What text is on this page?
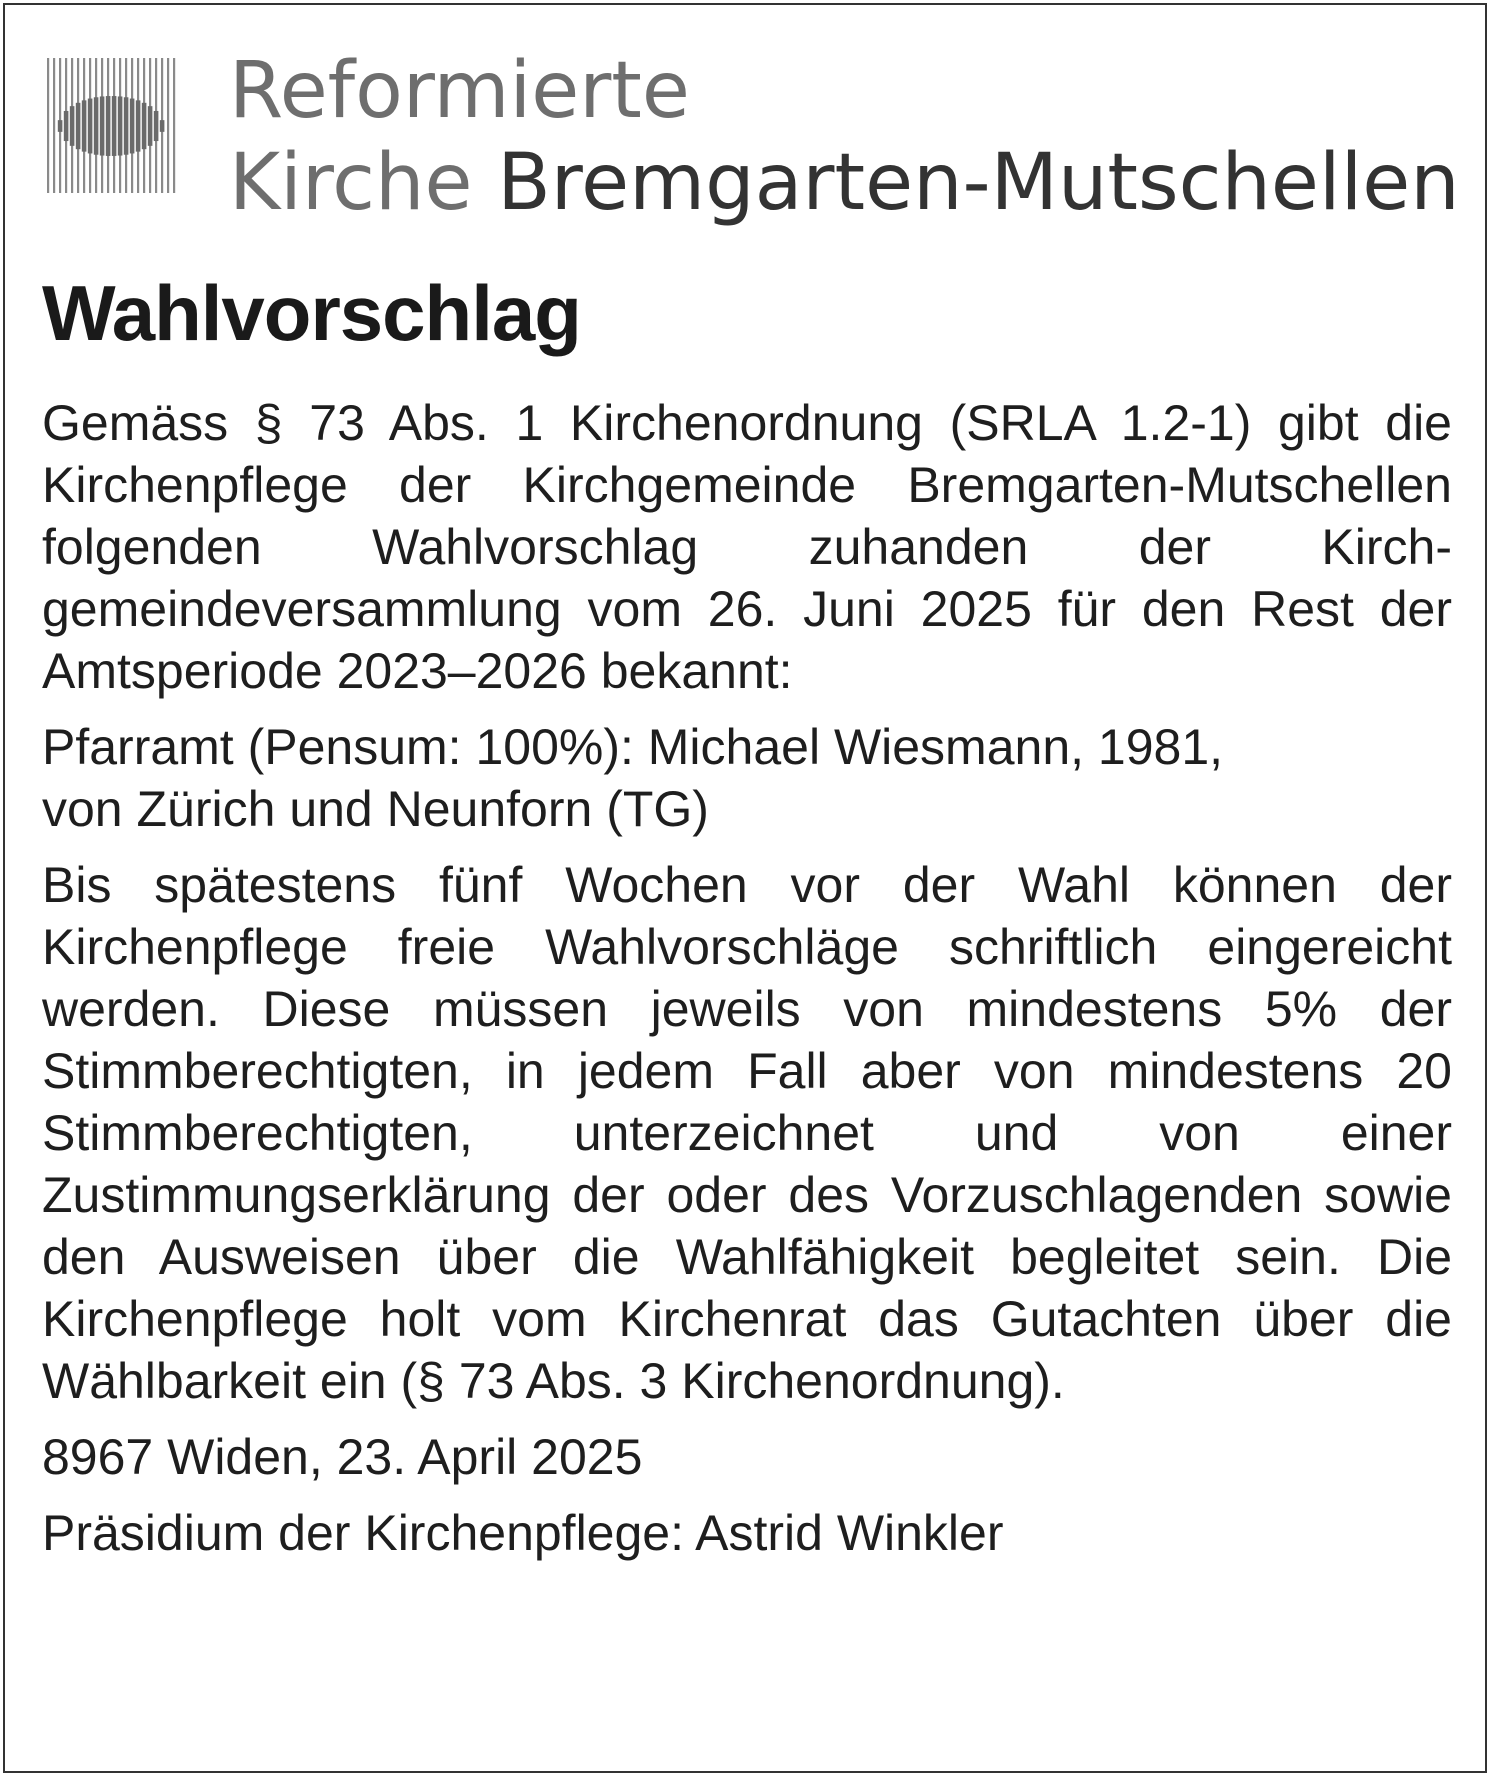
Reformierte
Kirche Bremgarten-Mutschellen
Wahlvorschlag

Gemäss § 73 Abs. 1 Kirchenordnung (SRLA 1.2-1) gibt die Kirchenpflege der Kirchgemeinde Bremgarten-Mutschellen folgenden Wahlvorschlag zuhanden der Kirchgemeindeversammlung vom 26. Juni 2025 für den Rest der Amtsperiode 2023–2026 bekannt:

Pfarramt (Pensum: 100%): Michael Wiesmann, 1981,
von Zürich und Neunforn (TG)

Bis spätestens fünf Wochen vor der Wahl können der Kirchenpflege freie Wahlvorschläge schriftlich eingereicht werden. Diese müssen jeweils von mindestens 5% der Stimmberechtigten, in jedem Fall aber von mindestens 20 Stimmberechtigten, unterzeichnet und von einer Zustimmungserklärung der oder des Vorzuschlagenden sowie den Ausweisen über die Wahlfähigkeit begleitet sein. Die Kirchenpflege holt vom Kirchenrat das Gutachten über die Wählbarkeit ein (§ 73 Abs. 3 Kirchenordnung).

8967 Widen, 23. April 2025

Präsidium der Kirchenpflege: Astrid Winkler
